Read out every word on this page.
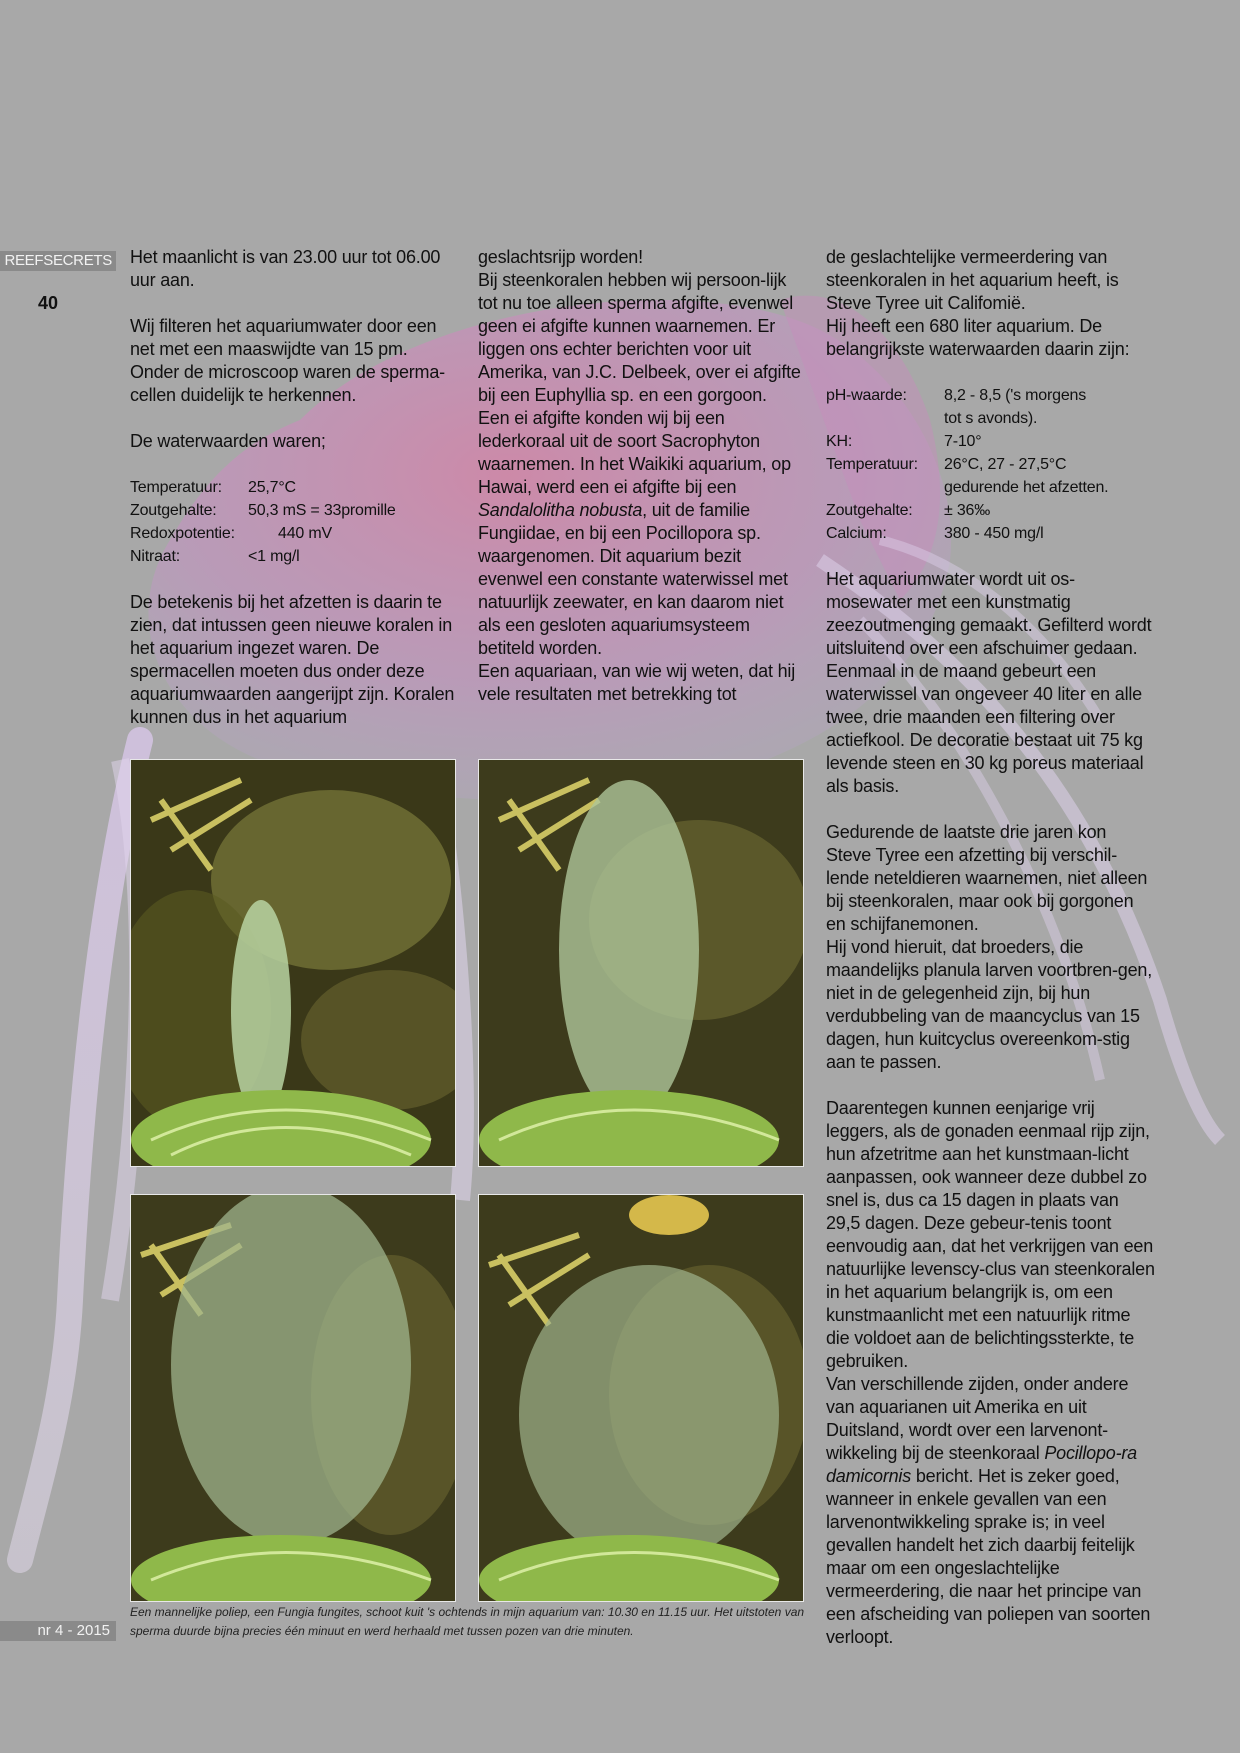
REEFSECRETS
40
nr 4 - 2015

Het maanlicht is van 23.00 uur tot 06.00 uur aan.

Wij filteren het aquariumwater door een net met een maaswijdte van 15 pm. Onder de microscoop waren de sperma-cellen duidelijk te herkennen.

De waterwaarden waren;

Temperatuur:	25,7°C
Zoutgehalte:	50,3 mS = 33promille
Redoxpotentie:	440 mV
Nitraat:	<1 mg/l

De betekenis bij het afzetten is daarin te zien, dat intussen geen nieuwe koralen in het aquarium ingezet waren. De spermacellen moeten dus onder deze aquariumwaarden aangerijpt zijn. Koralen kunnen dus in het aquarium

geslachtsrijp worden!

Bij steenkoralen hebben wij persoon-lijk tot nu toe alleen sperma afgifte, evenwel geen ei afgifte kunnen waarnemen. Er liggen ons echter berichten voor uit Amerika, van J.C. Delbeek, over ei afgifte bij een Euphyllia sp. en een gorgoon.

Een ei afgifte konden wij bij een lederkoraal uit de soort Sacrophyton waarnemen. In het Waikiki aquarium, op Hawai, werd een ei afgifte bij een Sandalolitha nobusta, uit de familie Fungiidae, en bij een Pocillopora sp. waargenomen. Dit aquarium bezit evenwel een constante waterwissel met natuurlijk zeewater, en kan daarom niet als een gesloten aquariumsysteem betiteld worden.

Een aquariaan, van wie wij weten, dat hij vele resultaten met betrekking tot

de geslachtelijke vermeerdering van steenkoralen in het aquarium heeft, is Steve Tyree uit Califomië.

Hij heeft een 680 liter aquarium. De belangrijkste waterwaarden daarin zijn:

pH-waarde:	8,2 - 8,5 ('s morgens
tot s avonds).
KH:	7-10°
Temperatuur:	26°C, 27 - 27,5°C
gedurende het afzetten.
Zoutgehalte:	± 36‰
Calcium:	380 - 450 mg/l

Het aquariumwater wordt uit os-mosewater met een kunstmatig zeezoutmenging gemaakt. Gefilterd wordt uitsluitend over een afschuimer gedaan. Eenmaal in de maand gebeurt een waterwissel van ongeveer 40 liter en alle twee, drie maanden een filtering over actiefkool. De decoratie bestaat uit 75 kg levende steen en 30 kg poreus materiaal als basis.

Gedurende de laatste drie jaren kon Steve Tyree een afzetting bij verschil-lende neteldieren waarnemen, niet alleen bij steenkoralen, maar ook bij gorgonen en schijfanemonen.

Hij vond hieruit, dat broeders, die maandelijks planula larven voortbren-gen, niet in de gelegenheid zijn, bij hun verdubbeling van de maancyclus van 15 dagen, hun kuitcyclus overeenkom-stig aan te passen.

Daarentegen kunnen eenjarige vrij leggers, als de gonaden eenmaal rijp zijn, hun afzetritme aan het kunstmaan-licht aanpassen, ook wanneer deze dubbel zo snel is, dus ca 15 dagen in plaats van 29,5 dagen. Deze gebeur-tenis toont eenvoudig aan, dat het verkrijgen van een natuurlijke levenscy-clus van steenkoralen in het aquarium belangrijk is, om een kunstmaanlicht met een natuurlijk ritme die voldoet aan de belichtingssterkte, te gebruiken.

Van verschillende zijden, onder andere van aquarianen uit Amerika en uit Duitsland, wordt over een larvenont-wikkeling bij de steenkoraal Pocillopo-ra damicornis bericht. Het is zeker goed, wanneer in enkele gevallen van een larvenontwikkeling sprake is; in veel gevallen handelt het zich daarbij feitelijk maar om een ongeslachtelijke vermeerdering, die naar het principe van een afscheiding van poliepen van soorten verloopt.

Een mannelijke poliep, een Fungia fungites, schoot kuit 's ochtends in mijn aquarium van: 10.30 en 11.15 uur. Het uitstoten van sperma duurde bijna precies één minuut en werd herhaald met tussen pozen van drie minuten.
